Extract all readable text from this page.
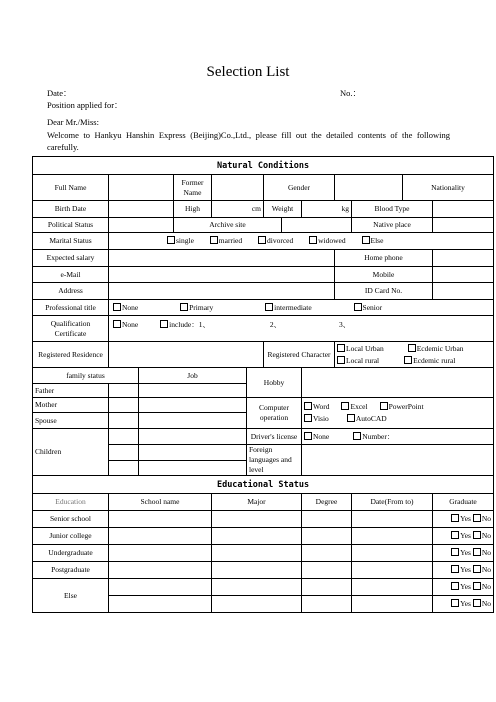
Selection List
Date：	No.：
Position applied for：
Dear Mr./Miss:
Welcome to Hankyu Hanshin Express (Beijing)Co.,Ltd., please fill out the detailed contents of the following carefully.
Natural Conditions													
Full Name			Former Name			Gender					Nationality	
Birth Date			High	cm		Weight		kg		Blood Type			
Political Status			Archive site							Native place			
Marital Status	single married divorced widowed Else												
Expected salary									Home phone				
e-Mail									Mobile				
Address									ID Card No.				
Professional title	None Primary intermediate Senior												
Qualification Certificate	None include：1、 2、 3、												
Registered Residence						Registered Character			Local Urban Ecdemic Urban
Local rural Ecdemic rural				
family status		Job			Hobby								
Father													
Mother					Computer operation			Word Excel PowerPoint
Visio AutoCAD					
Spouse													
Children					Driver's license			None Number：					
					Foreign languages and level								

Educational Status													
Education	School name			Major				Degree		Date(From to)		Graduate	
Senior school												Yes No	
Junior college												Yes No	
Undergraduate												Yes No	
Postgraduate												Yes No	
Else												Yes No	
												Yes No	
